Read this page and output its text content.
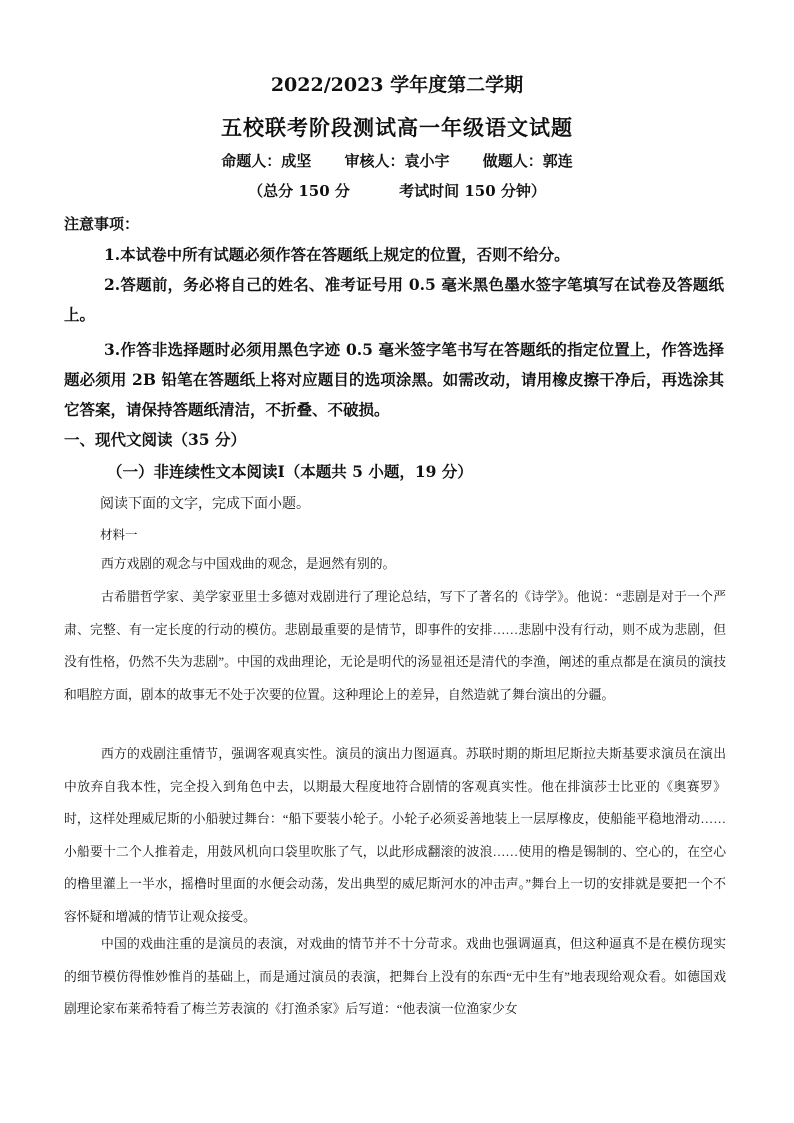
2022/2023 学年度第二学期
五校联考阶段测试高一年级语文试题
命题人：成坚 审核人：袁小宇 做题人：郭连
（总分 150 分	考试时间 150 分钟）
注意事项：
1.本试卷中所有试题必须作答在答题纸上规定的位置，否则不给分。
2.答题前，务必将自己的姓名、准考证号用 0.5 毫米黑色墨水签字笔填写在试卷及答题纸上。
3.作答非选择题时必须用黑色字迹 0.5 毫米签字笔书写在答题纸的指定位置上，作答选择题必须用 2B 铅笔在答题纸上将对应题目的选项涂黑。如需改动，请用橡皮擦干净后，再选涂其它答案，请保持答题纸清洁，不折叠、不破损。
一、现代文阅读（35 分）
（一）非连续性文本阅读Ⅰ（本题共 5 小题，19 分）
阅读下面的文字，完成下面小题。
材料一
西方戏剧的观念与中国戏曲的观念，是迥然有别的。
古希腊哲学家、美学家亚里士多德对戏剧进行了理论总结，写下了著名的《诗学》。他说：“悲剧是对于一个严肃、完整、有一定长度的行动的模仿。悲剧最重要的是情节，即事件的安排……悲剧中没有行动，则不成为悲剧，但没有性格，仍然不失为悲剧”。中国的戏曲理论，无论是明代的汤显祖还是清代的李渔，阐述的重点都是在演员的演技和唱腔方面，剧本的故事无不处于次要的位置。这种理论上的差异，自然造就了舞台演出的分疆。
西方的戏剧注重情节，强调客观真实性。演员的演出力图逼真。苏联时期的斯坦尼斯拉夫斯基要求演员在演出中放弃自我本性，完全投入到角色中去，以期最大程度地符合剧情的客观真实性。他在排演莎士比亚的《奥赛罗》时，这样处理威尼斯的小船驶过舞台：“船下要装小轮子。小轮子必须妥善地装上一层厚橡皮，使船能平稳地滑动……小船要十二个人推着走，用鼓风机向口袋里吹胀了气，以此形成翻滚的波浪……使用的橹是锡制的、空心的，在空心的橹里灌上一半水，摇橹时里面的水便会动荡，发出典型的威尼斯河水的冲击声。”舞台上一切的安排就是要把一个不容怀疑和增减的情节让观众接受。
中国的戏曲注重的是演员的表演，对戏曲的情节并不十分苛求。戏曲也强调逼真，但这种逼真不是在模仿现实的细节模仿得惟妙惟肖的基础上，而是通过演员的表演，把舞台上没有的东西“无中生有”地表现给观众看。如德国戏剧理论家布莱希特看了梅兰芳表演的《打渔杀家》后写道：“他表演一位渔家少女
